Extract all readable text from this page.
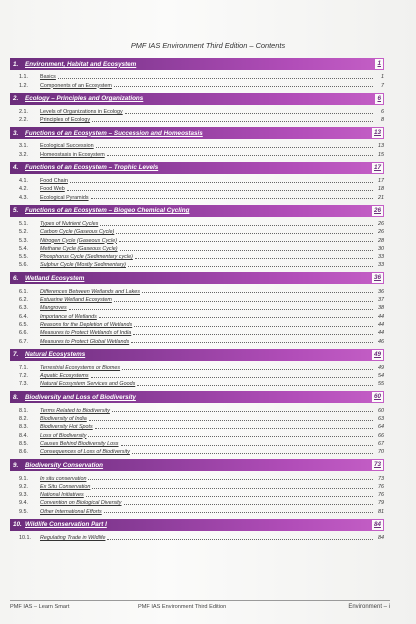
PMF IAS Environment Third Edition – Contents
1.	Environment, Habitat and Ecosystem	1
1.1.	Basics	1
1.2.	Components of an Ecosystem	7
2.	Ecology – Principles and Organizations	6
2.1.	Levels of Organizations in Ecology	6
2.2.	Principles of Ecology	8
3.	Functions of an Ecosystem – Succession and Homeostasis	13
3.1.	Ecological Succession	13
3.2.	Homeostasis in Ecosystem	15
4.	Functions of an Ecosystem – Trophic Levels	17
4.1.	Food Chain	17
4.2.	Food Web	18
4.3.	Ecological Pyramids	21
5.	Functions of an Ecosystem – Biogeo Chemical Cycling	26
5.1.	Types of Nutrient Cycles	26
5.2.	Carbon Cycle (Gaseous Cycle)	26
5.3.	Nitrogen Cycle (Gaseous Cycle)	28
5.4.	Methane Cycle (Gaseous Cycle)	30
5.5.	Phosphorus Cycle (Sedimentary cycle)	33
5.6.	Sulphur Cycle (Mostly Sedimentary)	33
6.	Wetland Ecosystem	36
6.1.	Differences Between Wetlands and Lakes	36
6.2.	Estuarine Wetland Ecosystem	37
6.3.	Mangroves	38
6.4.	Importance of Wetlands	44
6.5.	Reasons for the Depletion of Wetlands	44
6.6.	Measures to Protect Wetlands of India	44
6.7.	Measures to Protect Global Wetlands	46
7.	Natural Ecosystems	49
7.1.	Terrestrial Ecosystems or Biomes	49
7.2.	Aquatic Ecosystems	54
7.3.	Natural Ecosystem Services and Goods	55
8.	Biodiversity and Loss of Biodiversity	60
8.1.	Terms Related to Biodiversity	60
8.2.	Biodiversity of India	63
8.3.	Biodiversity Hot Spots	64
8.4.	Loss of Biodiversity	66
8.5.	Causes Behind Biodiversity Loss	67
8.6.	Consequences of Loss of Biodiversity	70
9.	Biodiversity Conservation	73
9.1.	In situ conservation	73
9.2.	Ex Situ Conservation	76
9.3.	National Initiatives	76
9.4.	Convention on Biological Diversity	79
9.5.	Other International Efforts	81
10. Wildlife Conservation Part I	84
10.1.	Regulating Trade in Wildlife	84
PMF IAS – Learn Smart	PMF IAS Environment Third Edition	Environment – i
